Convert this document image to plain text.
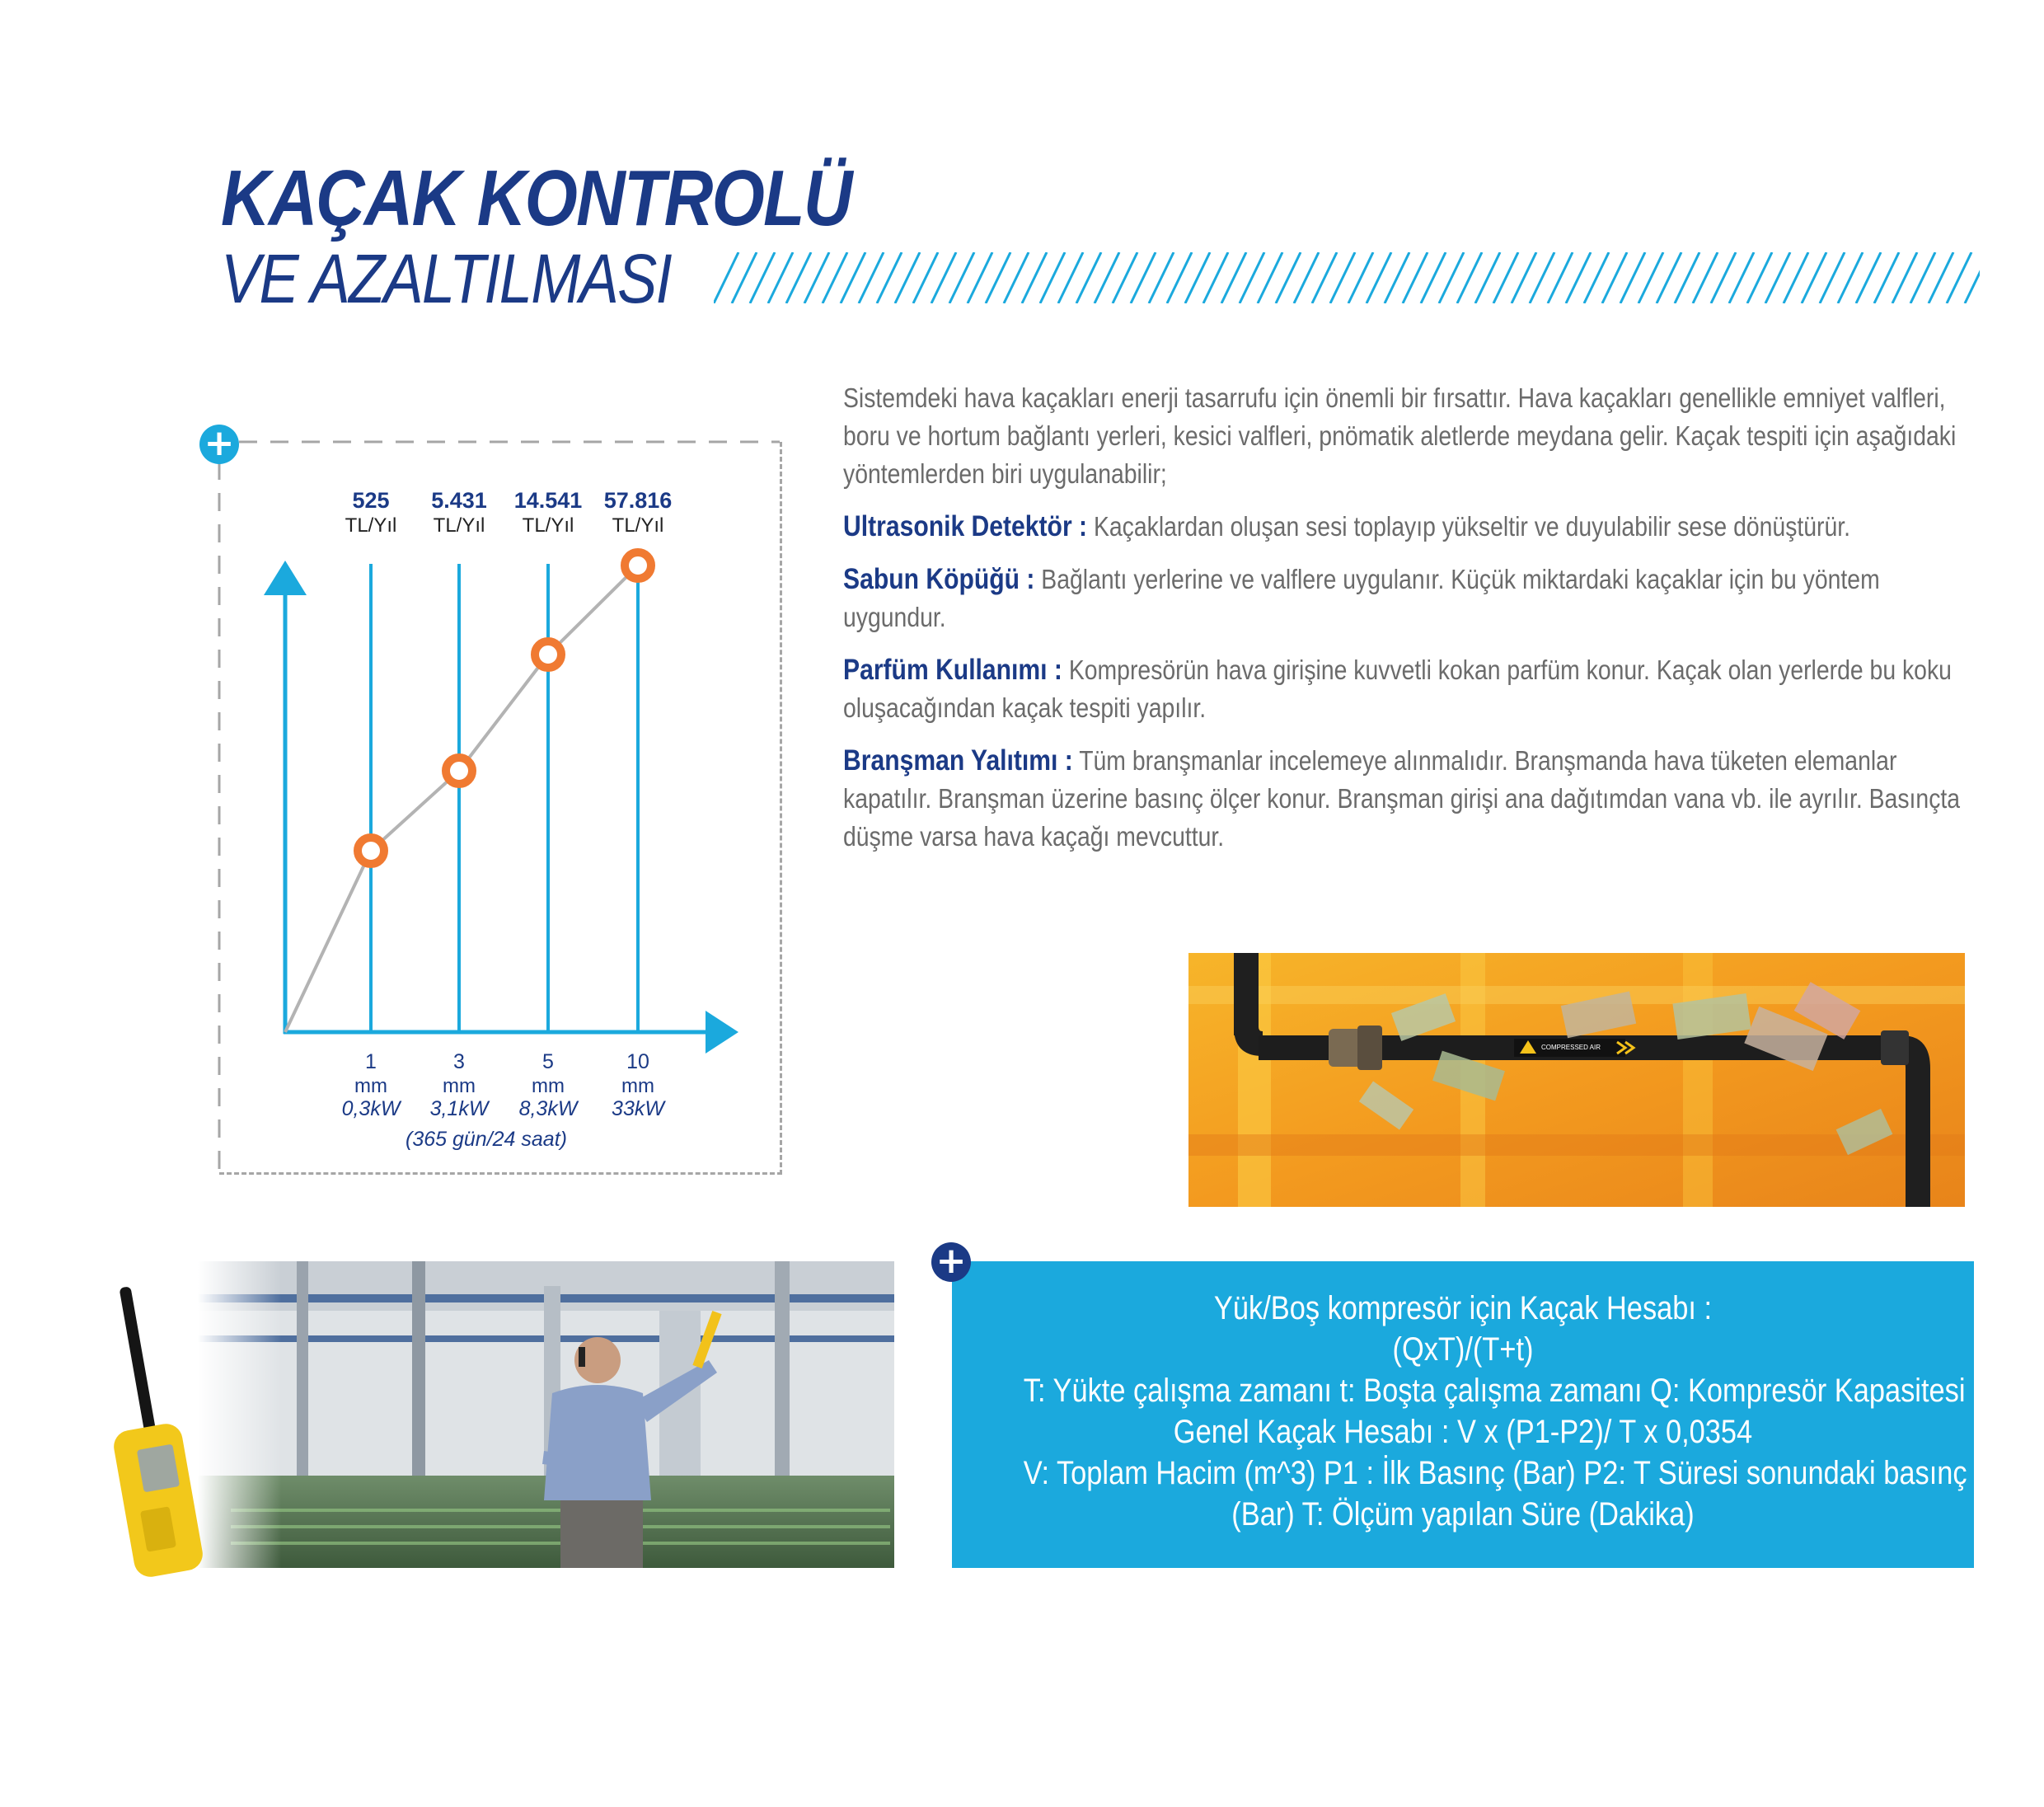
KAÇAK KONTROLÜ
VE AZALTILMASI
525
TL/Yıl
1
mm
0,3kW
5.431
TL/Yıl
3
mm
3,1kW
14.541
TL/Yıl
5
mm
8,3kW
57.816
TL/Yıl
10
mm
33kW
(365 gün/24 saat)
+

Sistemdeki hava kaçakları enerji tasarrufu için önemli bir fırsattır. Hava kaçakları genellikle emniyet valfleri, boru ve hortum bağlantı yerleri, kesici valfleri, pnömatik aletlerde meydana gelir. Kaçak tespiti için aşağıdaki yöntemlerden biri uygulanabilir;

Ultrasonik Detektör : Kaçaklardan oluşan sesi toplayıp yükseltir ve duyulabilir sese dönüştürür.

Sabun Köpüğü : Bağlantı yerlerine ve valflere uygulanır. Küçük miktardaki kaçaklar için bu yöntem uygundur.

Parfüm Kullanımı : Kompresörün hava girişine kuvvetli kokan parfüm konur. Kaçak olan yerlerde bu koku oluşacağından kaçak tespiti yapılır.

Branşman Yalıtımı : Tüm branşmanlar incelemeye alınmalıdır. Branşmanda hava tüketen elemanlar kapatılır. Branşman üzerine basınç ölçer konur. Branşman girişi ana dağıtımdan vana vb. ile ayrılır. Basınçta düşme varsa hava kaçağı mevcuttur.

COMPRESSED AIR
Yük/Boş kompresör için Kaçak Hesabı :
(QxT)/(T+t)
T: Yükte çalışma zamanı t: Boşta çalışma zamanı Q: Kompresör Kapasitesi
Genel Kaçak Hesabı : V x (P1-P2)/ T x 0,0354
V: Toplam Hacim (m^3) P1 : İlk Basınç (Bar) P2: T Süresi sonundaki basınç
(Bar) T: Ölçüm yapılan Süre (Dakika)
+
